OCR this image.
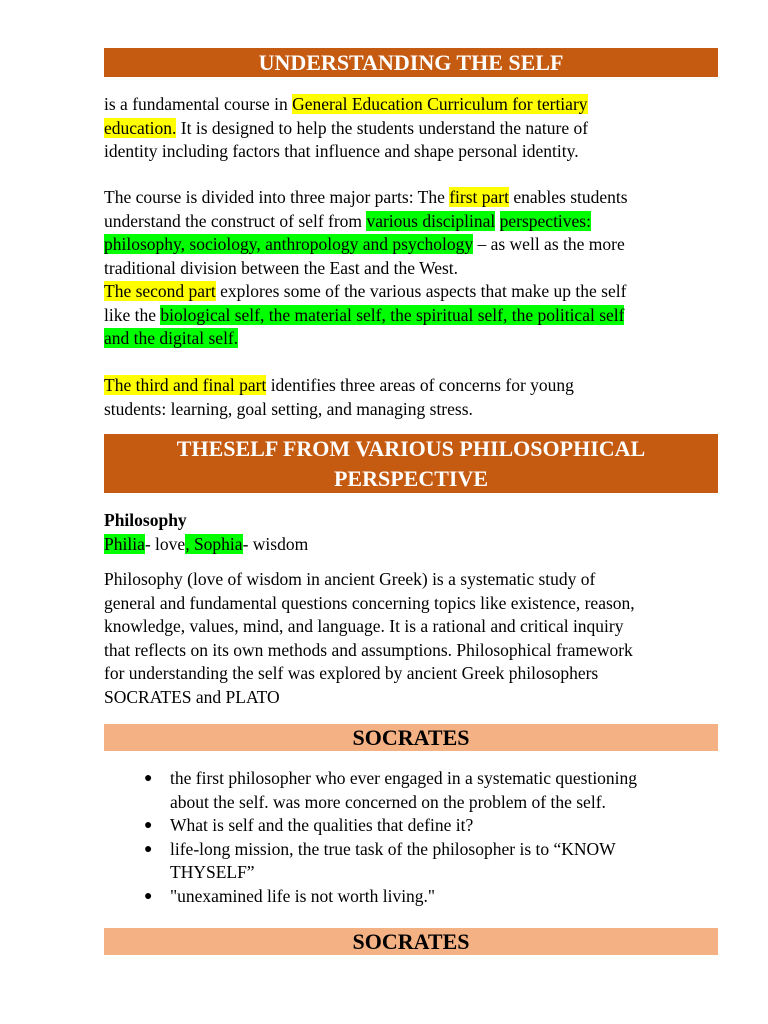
UNDERSTANDING THE SELF

is a fundamental course in General Education Curriculum for tertiary

education. It is designed to help the students understand the nature of

identity including factors that influence and shape personal identity.

The course is divided into three major parts: The first part enables students

understand the construct of self from various disciplinal perspectives:

philosophy, sociology, anthropology and psychology – as well as the more

traditional division between the East and the West.

The second part explores some of the various aspects that make up the self

like the biological self, the material self, the spiritual self, the political self

and the digital self.

The third and final part identifies three areas of concerns for young

students: learning, goal setting, and managing stress.

THESELF FROM VARIOUS PHILOSOPHICAL
PERSPECTIVE

Philosophy

Philia- love, Sophia- wisdom

Philosophy (love of wisdom in ancient Greek) is a systematic study of

general and fundamental questions concerning topics like existence, reason,

knowledge, values, mind, and language. It is a rational and critical inquiry

that reflects on its own methods and assumptions. Philosophical framework

for understanding the self was explored by ancient Greek philosophers

SOCRATES and PLATO

SOCRATES
● the first philosopher who ever engaged in a systematic questioning
about the self. was more concerned on the problem of the self.
● What is self and the qualities that define it?
● life-long mission, the true task of the philosopher is to “KNOW
THYSELF”
● "unexamined life is not worth living."
SOCRATES
